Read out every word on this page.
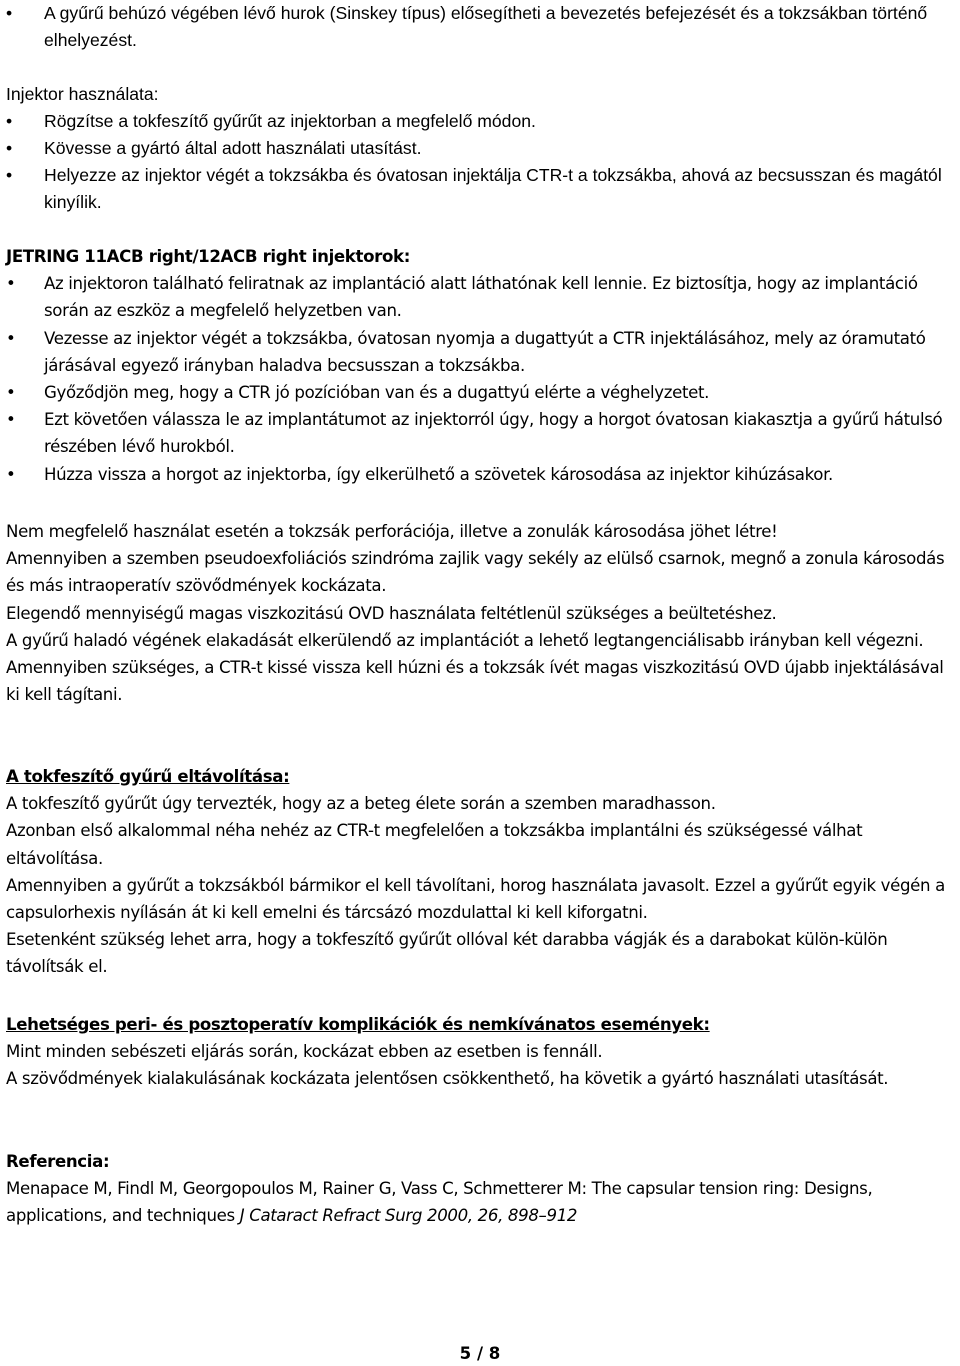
•	A gyűrű behúzó végében lévő hurok (Sinskey típus) elősegítheti a bevezetés befejezését és a tokzsákban történő elhelyezést.

Injektor használata:

•	Rögzítse a tokfeszítő gyűrűt az injektorban a megfelelő módon.
•	Kövesse a gyártó által adott használati utasítást.
•	Helyezze az injektor végét a tokzsákba és óvatosan injektálja CTR-t a tokzsákba, ahová az becsusszan és magától kinyílik.

JETRING 11ACB right/12ACB right injektorok:

•	Az injektoron található feliratnak az implantáció alatt láthatónak kell lennie. Ez biztosítja, hogy az implantáció során az eszköz a megfelelő helyzetben van.
•	Vezesse az injektor végét a tokzsákba, óvatosan nyomja a dugattyút a CTR injektálásához, mely az óramutató járásával egyező irányban haladva becsusszan a tokzsákba.
•	Győződjön meg, hogy a CTR jó pozícióban van és a dugattyú elérte a véghelyzetet.
•	Ezt követően válassza le az implantátumot az injektorról úgy, hogy a horgot óvatosan kiakasztja a gyűrű hátulsó részében lévő hurokból.
•	Húzza vissza a horgot az injektorba, így elkerülhető a szövetek károsodása az injektor kihúzásakor.

Nem megfelelő használat esetén a tokzsák perforációja, illetve a zonulák károsodása jöhet létre!

Amennyiben a szemben pseudoexfoliációs szindróma zajlik vagy sekély az elülső csarnok, megnő a zonula károsodás és más intraoperatív szövődmények kockázata.

Elegendő mennyiségű magas viszkozitású OVD használata feltétlenül szükséges a beültetéshez.

A gyűrű haladó végének elakadását elkerülendő az implantációt a lehető legtangenciálisabb irányban kell végezni.

Amennyiben szükséges, a CTR-t kissé vissza kell húzni és a tokzsák ívét magas viszkozitású OVD újabb injektálásával ki kell tágítani.

A tokfeszítő gyűrű eltávolítása:

A tokfeszítő gyűrűt úgy tervezték, hogy az a beteg élete során a szemben maradhasson.

Azonban első alkalommal néha nehéz az CTR-t megfelelően a tokzsákba implantálni és szükségessé válhat eltávolítása.

Amennyiben a gyűrűt a tokzsákból bármikor el kell távolítani, horog használata javasolt. Ezzel a gyűrűt egyik végén a capsulorhexis nyílásán át ki kell emelni és tárcsázó mozdulattal ki kell kiforgatni.

Esetenként szükség lehet arra, hogy a tokfeszítő gyűrűt ollóval két darabba vágják és a darabokat külön-külön távolítsák el.

Lehetséges peri- és posztoperatív komplikációk és nemkívánatos események:

Mint minden sebészeti eljárás során, kockázat ebben az esetben is fennáll.

A szövődmények kialakulásának kockázata jelentősen csökkenthető, ha követik a gyártó használati utasítását.

Referencia:

Menapace M, Findl M, Georgopoulos M, Rainer G, Vass C, Schmetterer M: The capsular tension ring: Designs, applications, and techniques J Cataract Refract Surg 2000, 26, 898–912

5 / 8
